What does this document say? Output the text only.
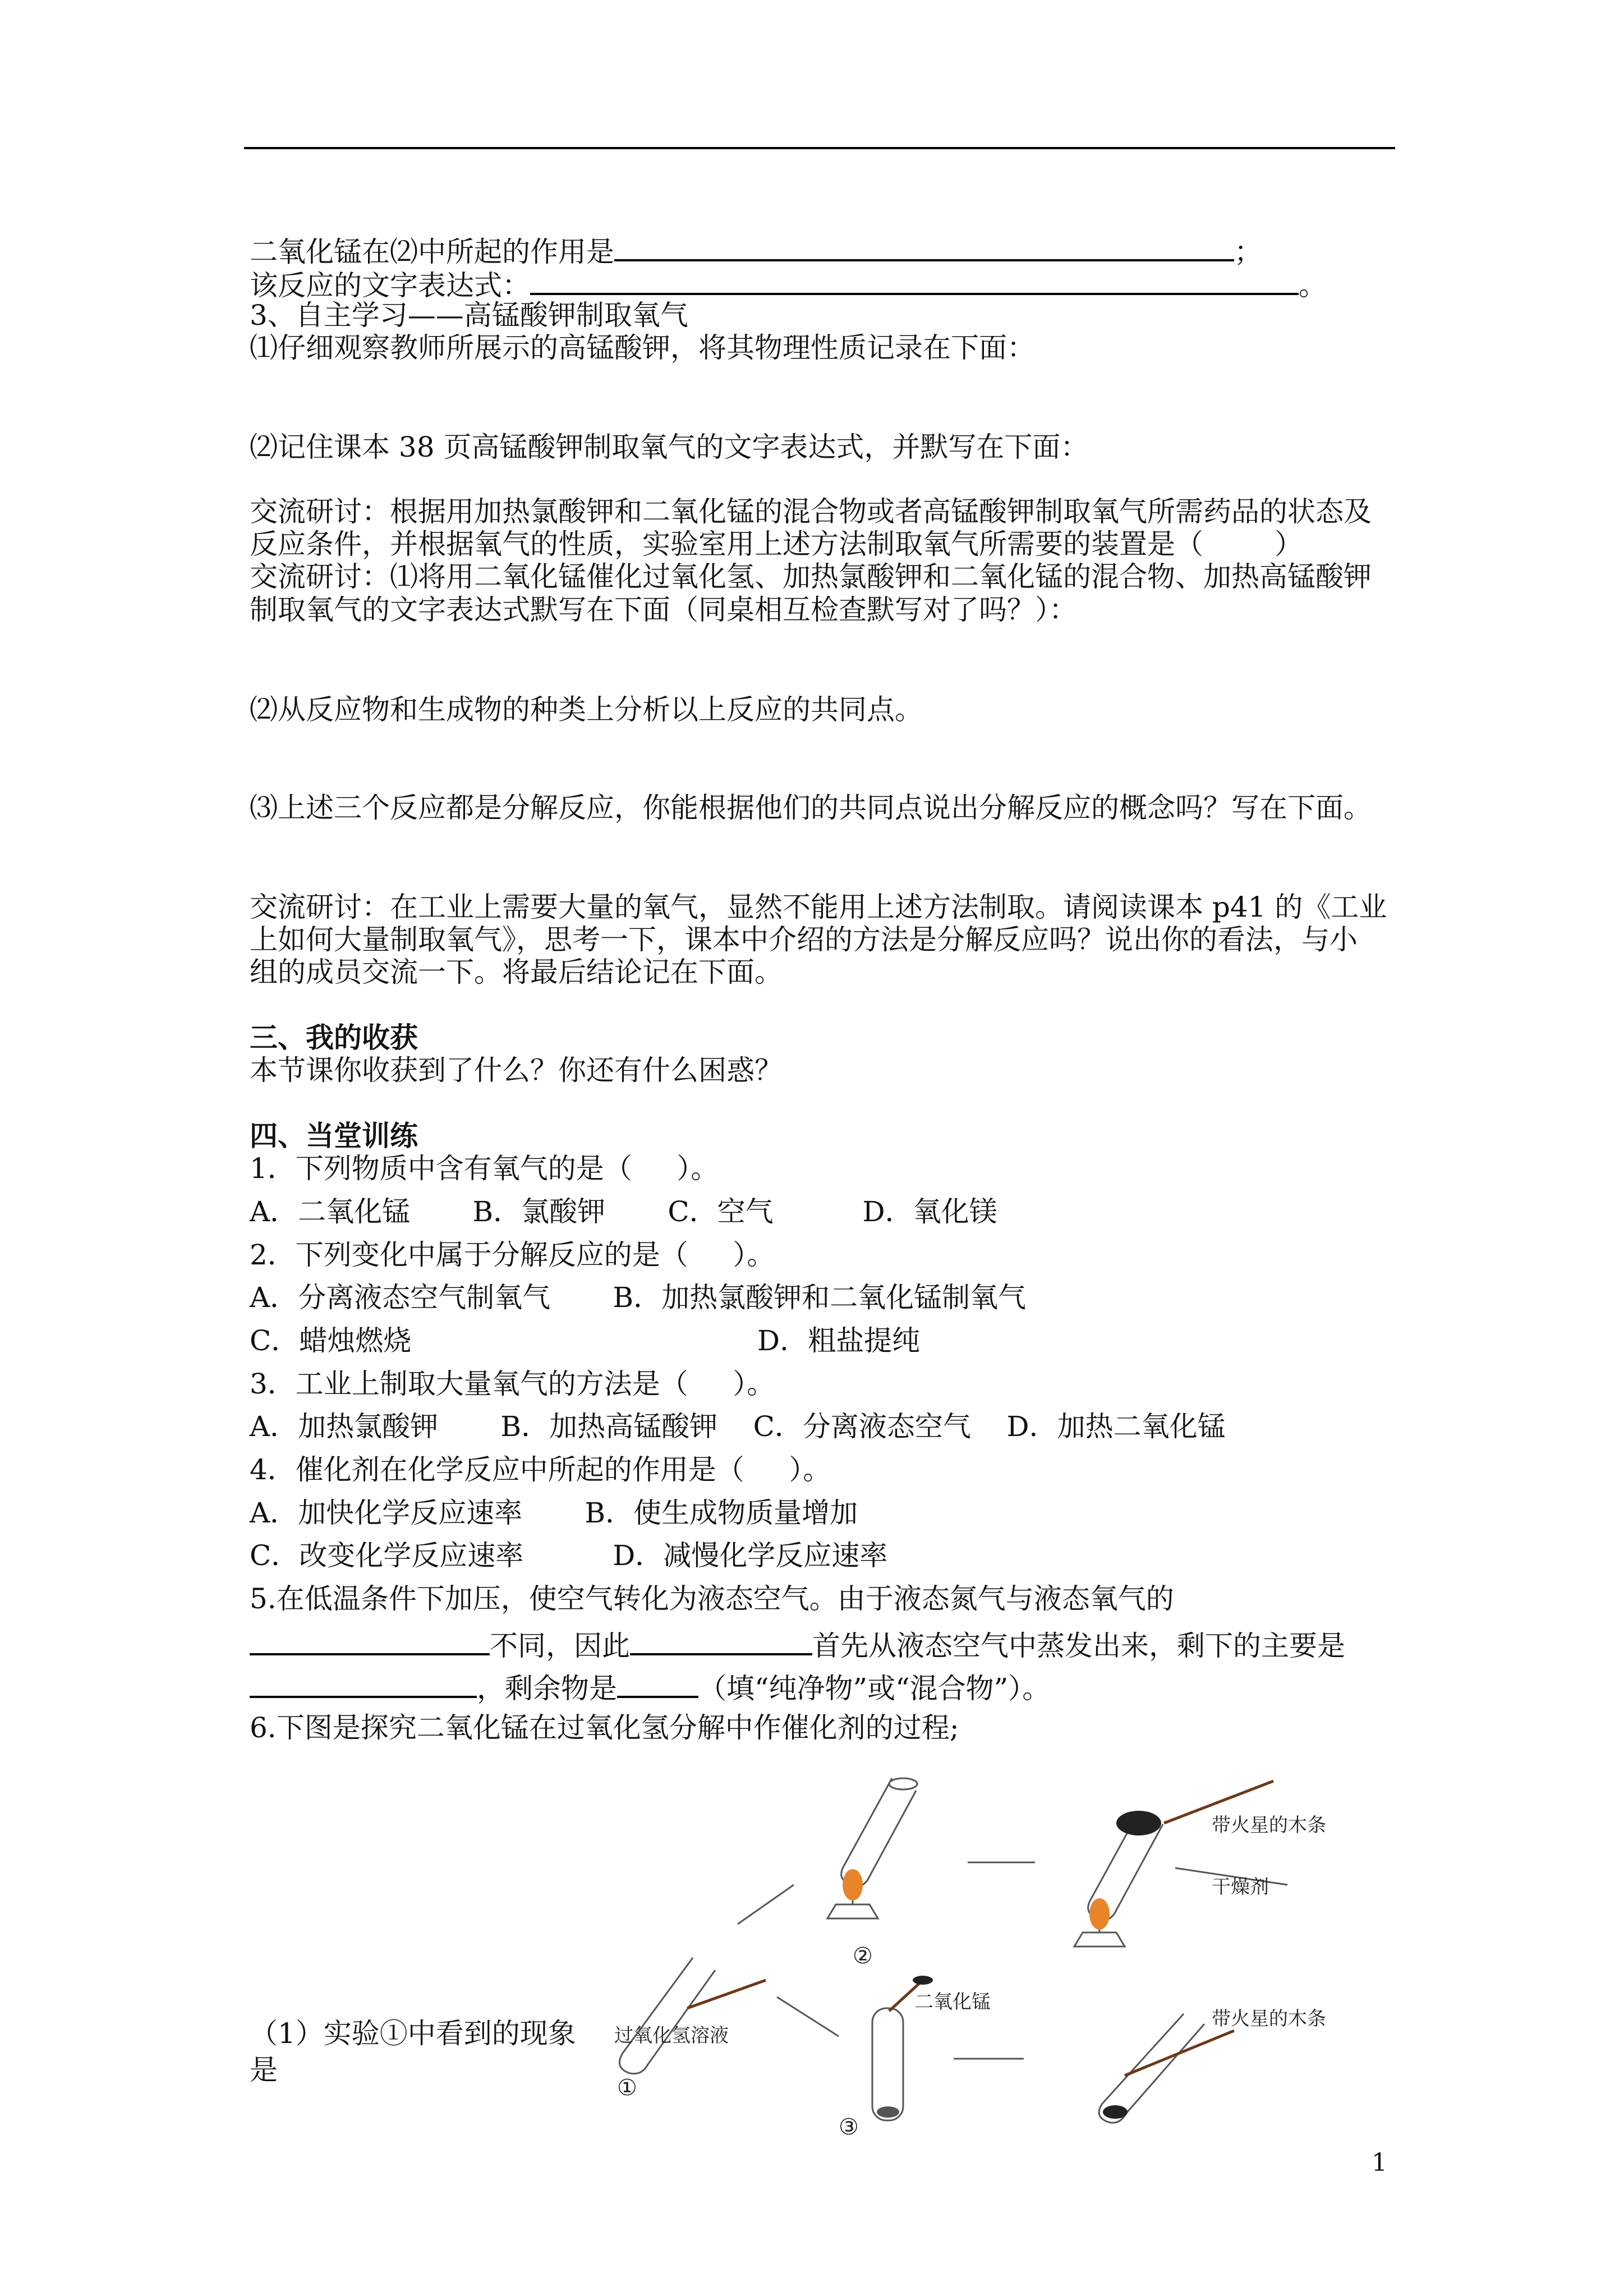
二氧化锰在⑵中所起的作用是	；
该反应的文字表达式：	。
3、自主学习——高锰酸钾制取氧气
⑴仔细观察教师所展示的高锰酸钾，将其物理性质记录在下面：
⑵记住课本 38 页高锰酸钾制取氧气的文字表达式，并默写在下面：
交流研讨：根据用加热氯酸钾和二氧化锰的混合物或者高锰酸钾制取氧气所需药品的状态及
反应条件，并根据氧气的性质，实验室用上述方法制取氧气所需要的装置是（        ）
交流研讨：⑴将用二氧化锰催化过氧化氢、加热氯酸钾和二氧化锰的混合物、加热高锰酸钾
制取氧气的文字表达式默写在下面（同桌相互检查默写对了吗？）：
⑵从反应物和生成物的种类上分析以上反应的共同点。
⑶上述三个反应都是分解反应，你能根据他们的共同点说出分解反应的概念吗？写在下面。
交流研讨：在工业上需要大量的氧气，显然不能用上述方法制取。请阅读课本 p41 的《工业
上如何大量制取氧气》，思考一下，课本中介绍的方法是分解反应吗？说出你的看法，与小
组的成员交流一下。将最后结论记在下面。
三、我的收获
本节课你收获到了什么？你还有什么困惑？
四、当堂训练
1．下列物质中含有氧气的是（     ）。
A．二氧化锰       B．氯酸钾       C．空气          D．氧化镁
2．下列变化中属于分解反应的是（     ）。
A．分离液态空气制氧气       B．加热氯酸钾和二氧化锰制氧气
C．蜡烛燃烧	D．粗盐提纯
3．工业上制取大量氧气的方法是（     ）。
A．加热氯酸钾       B．加热高锰酸钾    C．分离液态空气    D．加热二氧化锰
4．催化剂在化学反应中所起的作用是（     ）。
A．加快化学反应速率       B．使生成物质量增加
C．改变化学反应速率          D．减慢化学反应速率
5.在低温条件下加压，使空气转化为液态空气。由于液态氮气与液态氧气的
不同，因此	首先从液态空气中蒸发出来，剩下的主要是
，剩余物是	（填“纯净物”或“混合物”）。
6.下图是探究二氧化锰在过氧化氢分解中作催化剂的过程;
（1）实验①中看到的现象
是
带火星的木条
干燥剂
二氧化锰
过氧化氢溶液
带火星的木条
①
②
③
1
